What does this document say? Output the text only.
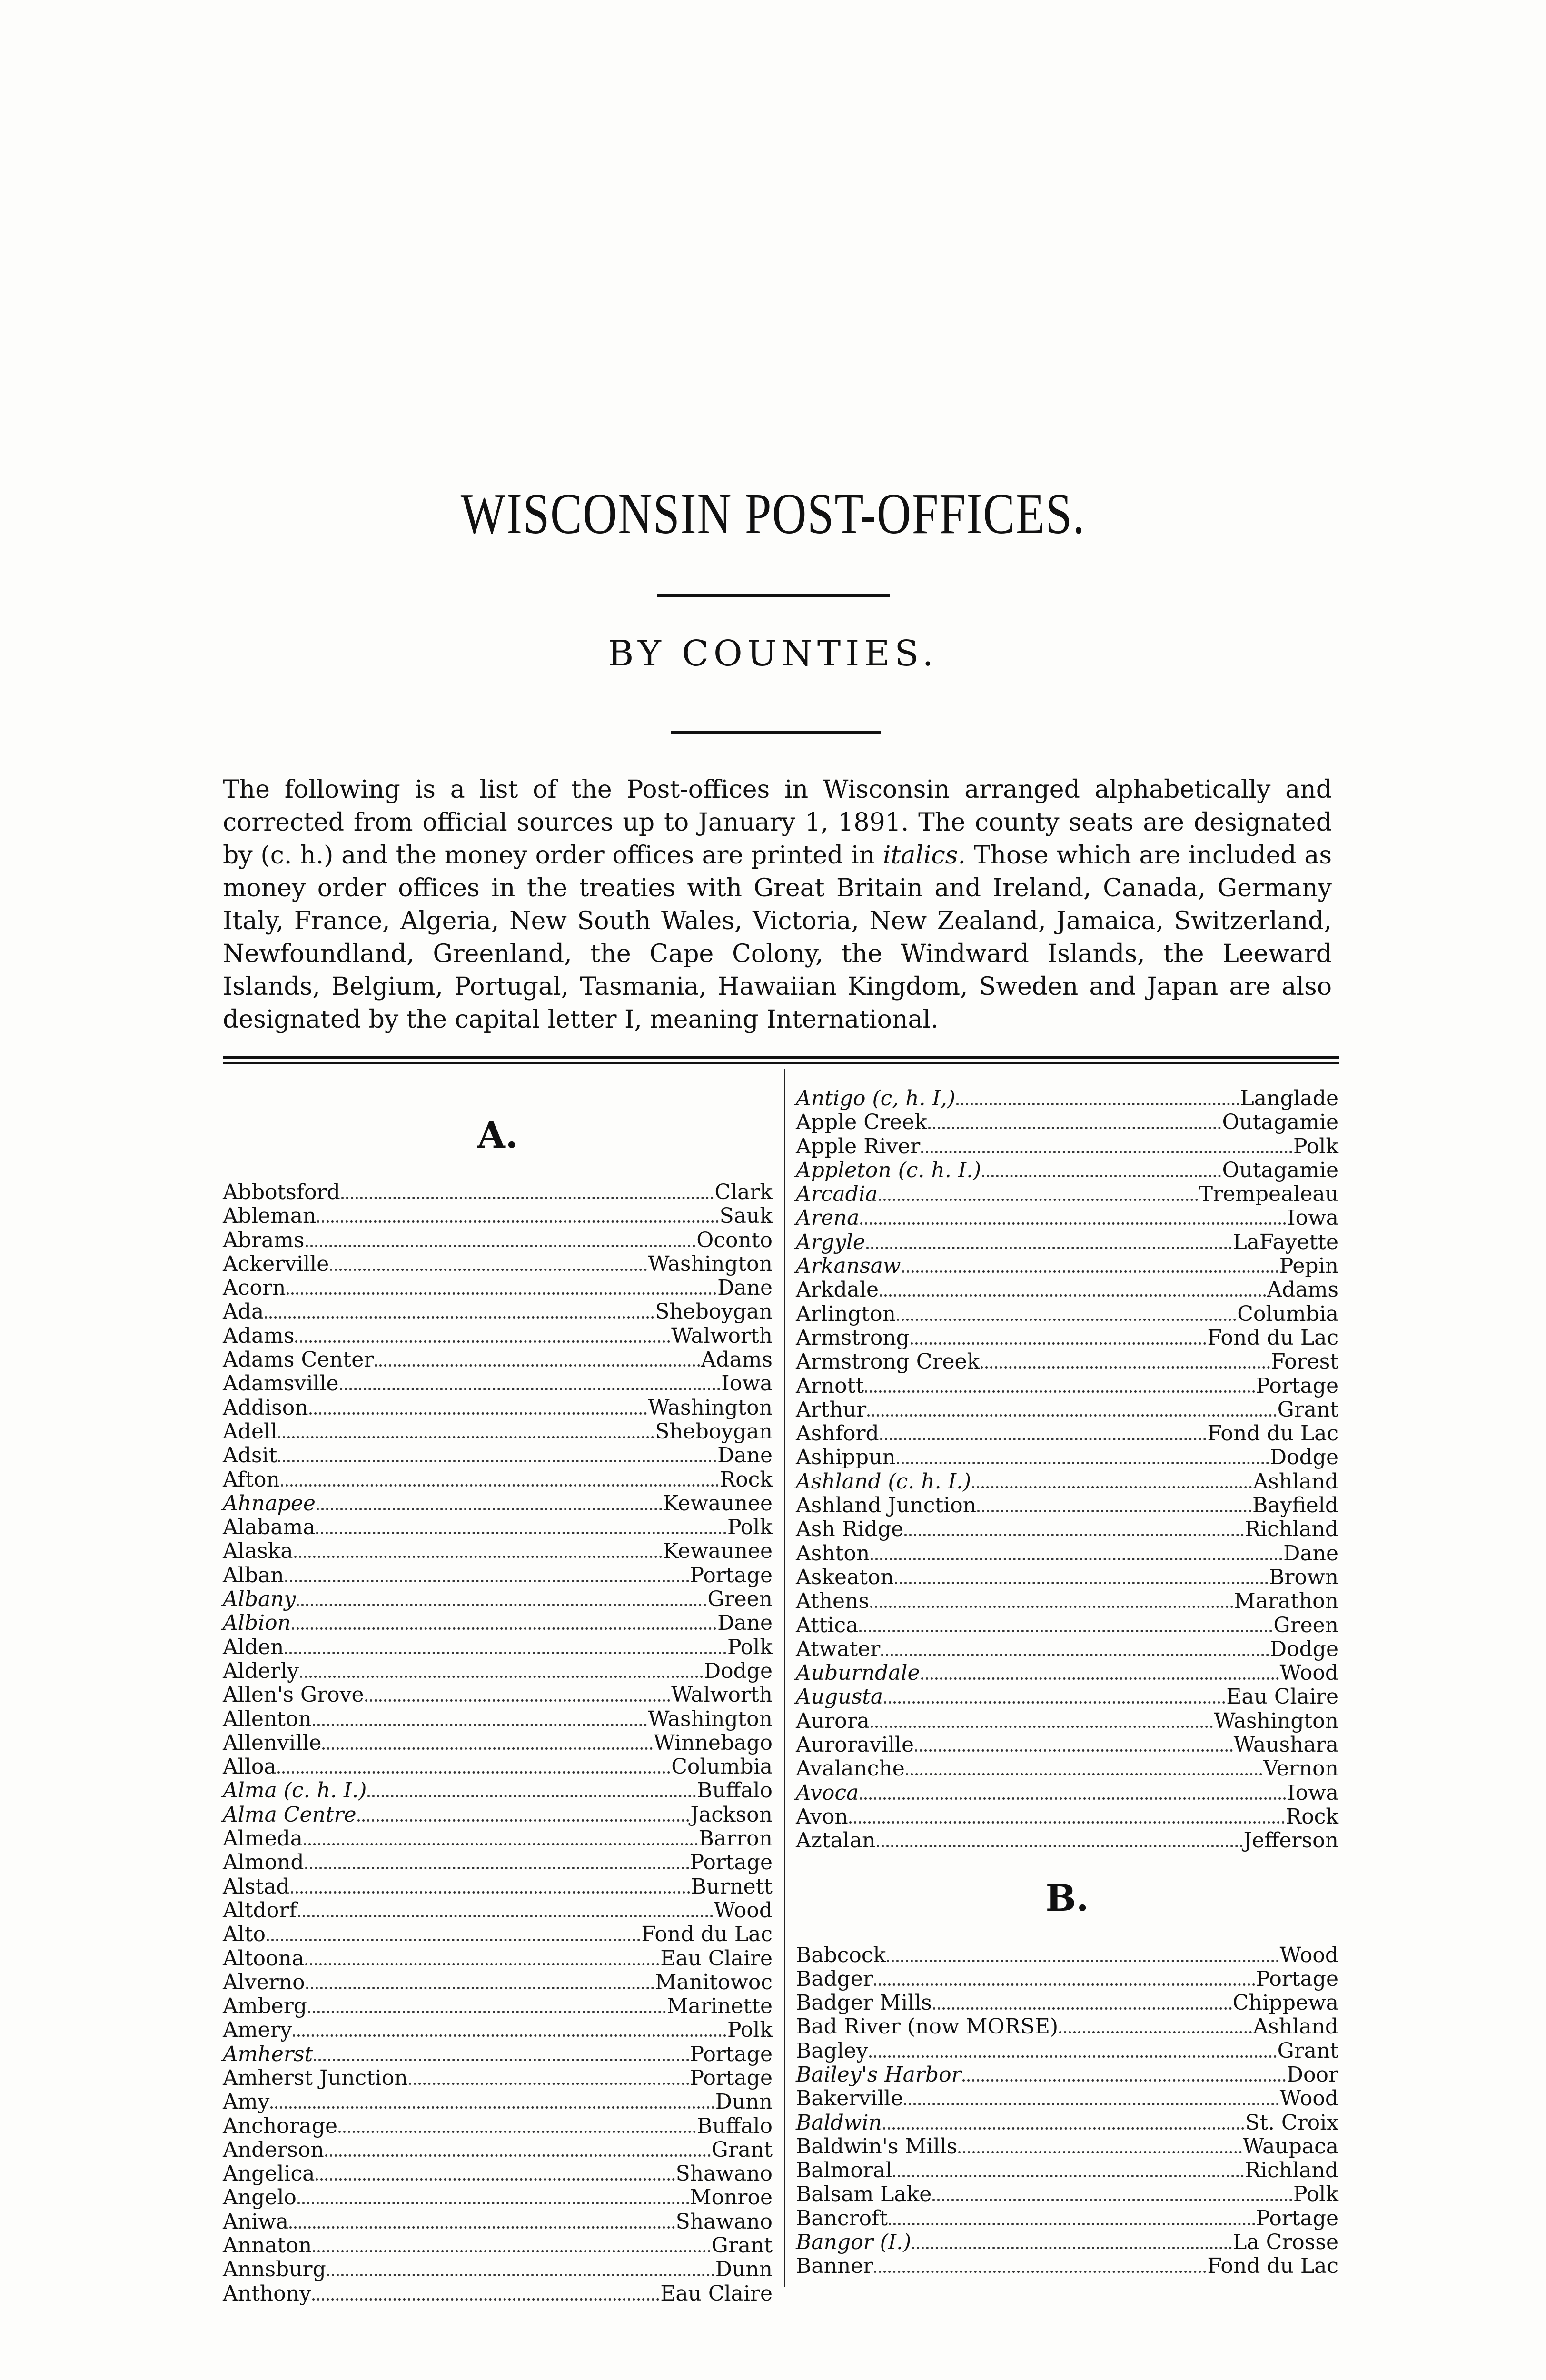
WISCONSIN POST-OFFICES.
BY COUNTIES.
The following is a list of the Post-offices in Wisconsin arranged alphabetically and corrected from official sources up to January 1, 1891. The county seats are designated by (c. h.) and the money order offices are printed in italics. Those which are included as money order offices in the treaties with Great Britain and Ireland, Canada, Germany Italy, France, Algeria, New South Wales, Victoria, New Zealand, Jamaica, Switzerland, Newfoundland, Greenland, the Cape Colony, the Windward Islands, the Leeward Islands, Belgium, Portugal, Tasmania, Hawaiian Kingdom, Sweden and Japan are also designated by the capital letter I, meaning International.
A.
Abbotsford	Clark
Ableman	Sauk
Abrams	Oconto
Ackerville	Washington
Acorn	Dane
Ada	Sheboygan
Adams	Walworth
Adams Center	Adams
Adamsville	Iowa
Addison	Washington
Adell	Sheboygan
Adsit	Dane
Afton	Rock
Ahnapee	Kewaunee
Alabama	Polk
Alaska	Kewaunee
Alban	Portage
Albany	Green
Albion	Dane
Alden	Polk
Alderly	Dodge
Allen's Grove	Walworth
Allenton	Washington
Allenville	Winnebago
Alloa	Columbia
Alma (c. h. I.)	Buffalo
Alma Centre	Jackson
Almeda	Barron
Almond	Portage
Alstad	Burnett
Altdorf	Wood
Alto	Fond du Lac
Altoona	Eau Claire
Alverno	Manitowoc
Amberg	Marinette
Amery	Polk
Amherst	Portage
Amherst Junction	Portage
Amy	Dunn
Anchorage	Buffalo
Anderson	Grant
Angelica	Shawano
Angelo	Monroe
Aniwa	Shawano
Annaton	Grant
Annsburg	Dunn
Anthony	Eau Claire
Antigo (c, h. I,)	Langlade
Apple Creek	Outagamie
Apple River	Polk
Appleton (c. h. I.)	Outagamie
Arcadia	Trempealeau
Arena	Iowa
Argyle	LaFayette
Arkansaw	Pepin
Arkdale	Adams
Arlington	Columbia
Armstrong	Fond du Lac
Armstrong Creek	Forest
Arnott	Portage
Arthur	Grant
Ashford	Fond du Lac
Ashippun	Dodge
Ashland (c. h. I.)	Ashland
Ashland Junction	Bayfield
Ash Ridge	Richland
Ashton	Dane
Askeaton	Brown
Athens	Marathon
Attica	Green
Atwater	Dodge
Auburndale	Wood
Augusta	Eau Claire
Aurora	Washington
Auroraville	Waushara
Avalanche	Vernon
Avoca	Iowa
Avon	Rock
Aztalan	Jefferson
B.
Babcock	Wood
Badger	Portage
Badger Mills	Chippewa
Bad River (now MORSE)	Ashland
Bagley	Grant
Bailey's Harbor	Door
Bakerville	Wood
Baldwin	St. Croix
Baldwin's Mills	Waupaca
Balmoral	Richland
Balsam Lake	Polk
Bancroft	Portage
Bangor (I.)	La Crosse
Banner	Fond du Lac
